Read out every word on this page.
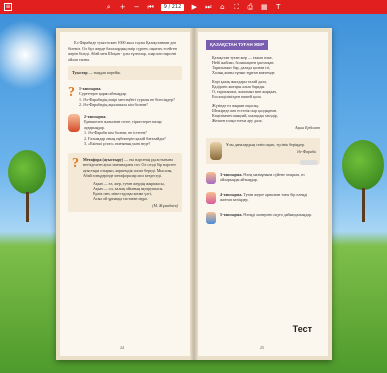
≡	⌕ + − ⏮	9 / 212	▶ ⏭ ⌂ ⛶ ⎙ ▦ T
Ел Фарабиде туып-өскен 1000 жыл тәулы Қазақстаннан деп білеміз. Ол бұл жерде балалардың өмір сүрген, оқыған, есейген жерін біледі. Абай мен Шоқан - ұлы тұлғалар, олар көп нәрсені ойлап тапты.
Туыстар — тыңдап көрейік.
? 1-тапсырма.
Суреттерге қарап айтыңдар.
1. Әл-Фарабидің өмірі мен еңбегі туралы не білесіңдер?
2. Әл-Фарабидің ақылшысы кім болған?
2-тапсырма.
Ерекшелеп жазылған сөзге, тіркестерге назар аударыңдар.
1. Әл-Фараби кім болған, не істеген?
2. Ғалымдар оның еңбектерін қалай бағалайды?
3. «Екінші ұстаз» атағының мәні неде?
? Метафора (ауыстыру) — екі нәрсенің ұқсастығына негізделген ауыс мағынадағы сөз. Ол сөзді бір нәрсеге ауыстыра отырып, көркемдік сипат береді. Мысалы, Абай өлеңдерінде метафоралар мол кездеседі.
Ақын — ел, жер, туған жердің жыршысы,
Ақын — ол, халық ойының ақтарушысы.
Ерлік пен, мінез-құлқы көпке үлгі,
Асыл ой ұрпаққа тастаған мұра.
(М. Жұмабаев)
24
ҚАЗАҚСТАН ТУҒАН ЖЕР
Қазақстан туған жер — ғажап өлке,
Нейі жайлап, болашақпен ұштасқан.
Тарихымыз бар, далада қалған ізі,
Халық жаны тұнып тұрған көктемде.
Көрі қазақ жылдары талай дала,
Қадірлеп жоғары алып барады.
О, тарихымыз, жасымыз мен жарқын,
Еш көңілімізден өшпей қала.
Жүзінде ел жырын оқысаң,
Шежіреде көп естелік сыр қалдырған.
Көңілімнен шықпай, шалқиды мөлдір,
Желкен толқи тоғыз ару дала.
Ақын Ерболат
Ұлы даналардың сөзін оқып, түсінік беріңдер.
Әл-Фараби
3-тапсырма. Өлең мазмұнына сүйене отырып, өз ойларыңды айтыңдар.
4-тапсырма. Туған жерге арналған тағы бір өлеңді жаттап келіңдер.
5-тапсырма. Өлеңді мәнерлеп оқуға дайындалыңдар.
Тест
25
